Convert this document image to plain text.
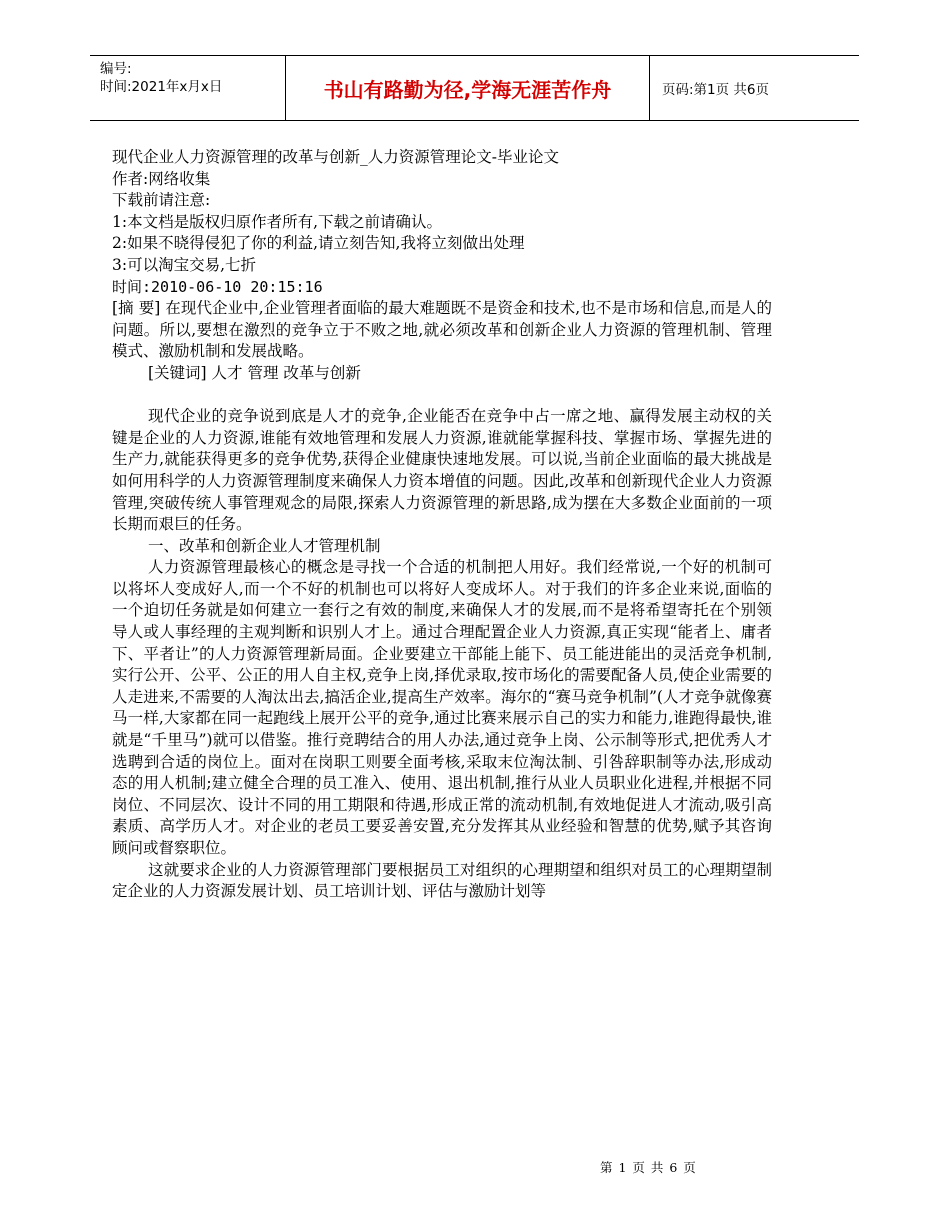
编号:
时间:2021年x月x日	书山有路勤为径,学海无涯苦作舟	页码:第1页 共6页

现代企业人力资源管理的改革与创新_人力资源管理论文-毕业论文

作者:网络收集

下载前请注意:

1:本文档是版权归原作者所有,下载之前请确认。

2:如果不晓得侵犯了你的利益,请立刻告知,我将立刻做出处理

3:可以淘宝交易,七折

时间:2010-06-10 20:15:16

[摘 要] 在现代企业中,企业管理者面临的最大难题既不是资金和技术,也不是市场和信息,而是人的问题。所以,要想在激烈的竞争立于不败之地,就必须改革和创新企业人力资源的管理机制、管理模式、激励机制和发展战略。

[关键词] 人才 管理 改革与创新

现代企业的竞争说到底是人才的竞争,企业能否在竞争中占一席之地、赢得发展主动权的关键是企业的人力资源,谁能有效地管理和发展人力资源,谁就能掌握科技、掌握市场、掌握先进的生产力,就能获得更多的竞争优势,获得企业健康快速地发展。可以说,当前企业面临的最大挑战是如何用科学的人力资源管理制度来确保人力资本增值的问题。因此,改革和创新现代企业人力资源管理,突破传统人事管理观念的局限,探索人力资源管理的新思路,成为摆在大多数企业面前的一项长期而艰巨的任务。

一、改革和创新企业人才管理机制

人力资源管理最核心的概念是寻找一个合适的机制把人用好。我们经常说,一个好的机制可以将坏人变成好人,而一个不好的机制也可以将好人变成坏人。对于我们的许多企业来说,面临的一个迫切任务就是如何建立一套行之有效的制度,来确保人才的发展,而不是将希望寄托在个别领导人或人事经理的主观判断和识别人才上。通过合理配置企业人力资源,真正实现“能者上、庸者下、平者让”的人力资源管理新局面。企业要建立干部能上能下、员工能进能出的灵活竞争机制,实行公开、公平、公正的用人自主权,竞争上岗,择优录取,按市场化的需要配备人员,使企业需要的人走进来,不需要的人淘汰出去,搞活企业,提高生产效率。海尔的“赛马竞争机制”(人才竞争就像赛马一样,大家都在同一起跑线上展开公平的竞争,通过比赛来展示自己的实力和能力,谁跑得最快,谁就是“千里马”)就可以借鉴。推行竞聘结合的用人办法,通过竞争上岗、公示制等形式,把优秀人才选聘到合适的岗位上。面对在岗职工则要全面考核,采取末位淘汰制、引咎辞职制等办法,形成动态的用人机制;建立健全合理的员工准入、使用、退出机制,推行从业人员职业化进程,并根据不同岗位、不同层次、设计不同的用工期限和待遇,形成正常的流动机制,有效地促进人才流动,吸引高素质、高学历人才。对企业的老员工要妥善安置,充分发挥其从业经验和智慧的优势,赋予其咨询顾问或督察职位。

这就要求企业的人力资源管理部门要根据员工对组织的心理期望和组织对员工的心理期望制定企业的人力资源发展计划、员工培训计划、评估与激励计划等

第 1 页 共 6 页
